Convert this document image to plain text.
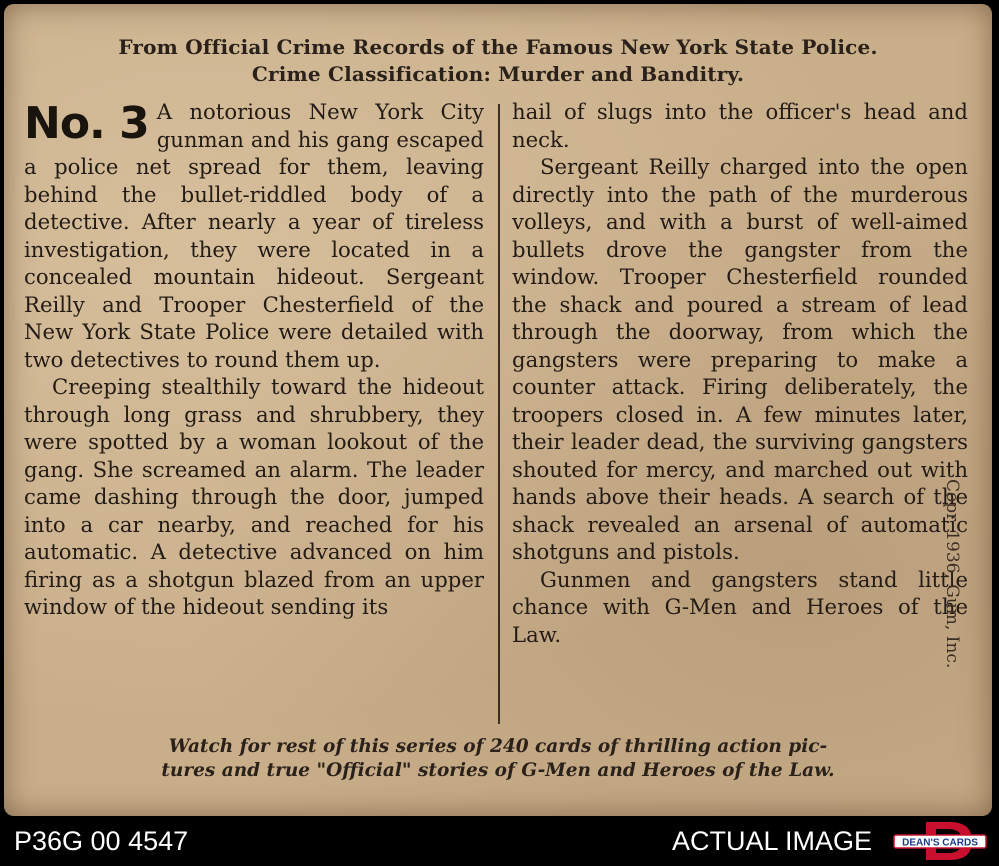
From Official Crime Records of the Famous New York State Police.
Crime Classification: Murder and Banditry.

No. 3 A notorious New York City gunman and his gang escaped a police net spread for them, leaving behind the bullet-riddled body of a detective. After nearly a year of tireless investigation, they were located in a concealed mountain hideout. Sergeant Reilly and Trooper Chesterfield of the New York State Police were detailed with two detectives to round them up.

Creeping stealthily toward the hideout through long grass and shrubbery, they were spotted by a woman lookout of the gang. She screamed an alarm. The leader came dashing through the door, jumped into a car nearby, and reached for his automatic. A detective advanced on him firing as a shotgun blazed from an upper window of the hideout sending its

hail of slugs into the officer's head and neck.

Sergeant Reilly charged into the open directly into the path of the murderous volleys, and with a burst of well-aimed bullets drove the gangster from the window. Trooper Chesterfield rounded the shack and poured a stream of lead through the doorway, from which the gangsters were preparing to make a counter attack. Firing deliberately, the troopers closed in. A few minutes later, their leader dead, the surviving gangsters shouted for mercy, and marched out with hands above their heads. A search of the shack revealed an arsenal of automatic shotguns and pistols.

Gunmen and gangsters stand little chance with G-Men and Heroes of the Law.	Copr. 1936, Gum, Inc.
Watch for rest of this series of 240 cards of thrilling action pic-
tures and true "Official" stories of G-Men and Heroes of the Law.
P36G 00 4547	ACTUAL IMAGE	DEAN'S CARDS
